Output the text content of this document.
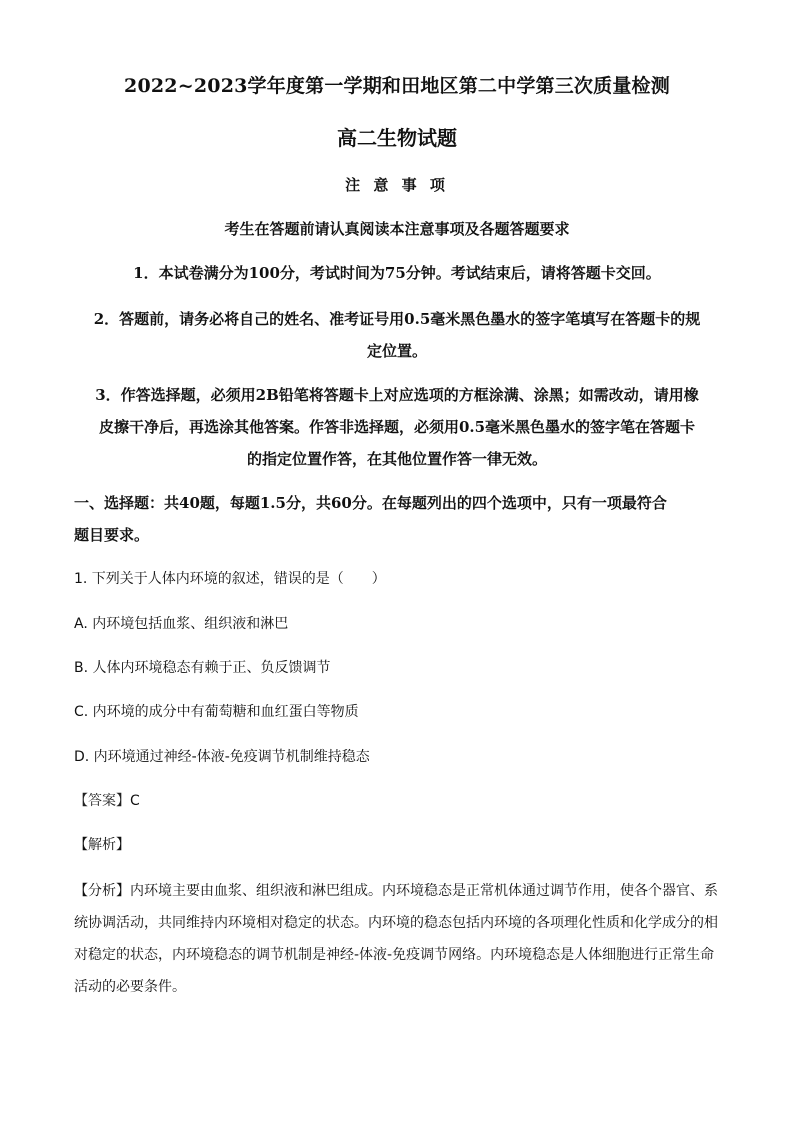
2022~2023学年度第一学期和田地区第二中学第三次质量检测
高二生物试题
注 意 事 项
考生在答题前请认真阅读本注意事项及各题答题要求
1．本试卷满分为100分，考试时间为75分钟。考试结束后，请将答题卡交回。
2．答题前，请务必将自己的姓名、准考证号用0.5毫米黑色墨水的签字笔填写在答题卡的规
定位置。
3．作答选择题，必须用2B铅笔将答题卡上对应选项的方框涂满、涂黑；如需改动，请用橡
皮擦干净后，再选涂其他答案。作答非选择题，必须用0.5毫米黑色墨水的签字笔在答题卡
的指定位置作答，在其他位置作答一律无效。
一、选择题：共40题，每题1.5分，共60分。在每题列出的四个选项中，只有一项最符合
题目要求。
1. 下列关于人体内环境的叙述，错误的是（　　）
A. 内环境包括血浆、组织液和淋巴
B. 人体内环境稳态有赖于正、负反馈调节
C. 内环境的成分中有葡萄糖和血红蛋白等物质
D. 内环境通过神经-体液-免疫调节机制维持稳态
【答案】C
【解析】
【分析】内环境主要由血浆、组织液和淋巴组成。内环境稳态是正常机体通过调节作用，使各个器官、系统协调活动，共同维持内环境相对稳定的状态。内环境的稳态包括内环境的各项理化性质和化学成分的相对稳定的状态，内环境稳态的调节机制是神经-体液-免疫调节网络。内环境稳态是人体细胞进行正常生命活动的必要条件。
